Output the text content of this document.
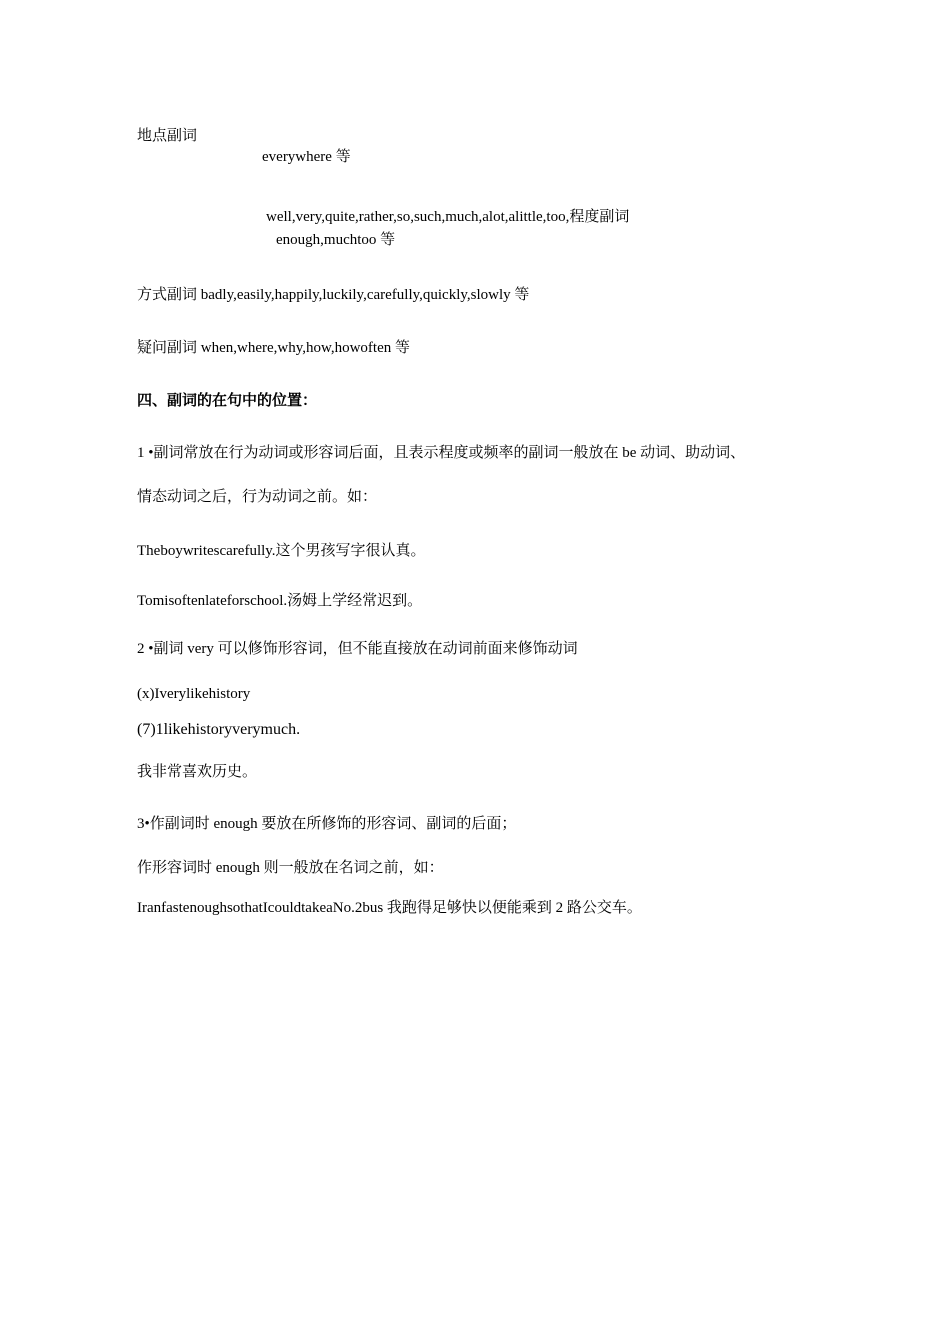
地点副词
everywhere 等
well,very,quite,rather,so,such,much,alot,alittle,too,程度副词
enough,muchtoo 等
方式副词 badly,easily,happily,luckily,carefully,quickly,slowly 等
疑问副词 when,where,why,how,howoften 等
四、副词的在句中的位置：
1 •副词常放在行为动词或形容词后面，且表示程度或频率的副词一般放在 be 动词、助动词、
情态动词之后，行为动词之前。如：
Theboywritescarefully.这个男孩写字很认真。
Tomisoftenlateforschool.汤姆上学经常迟到。
2 •副词 very 可以修饰形容词，但不能直接放在动词前面来修饰动词
(x)Iverylikehistory
(7)1likehistoryverymuch.
我非常喜欢历史。
3•作副词时 enough 要放在所修饰的形容词、副词的后面；
作形容词时 enough 则一般放在名词之前，如：
IranfastenoughsothatIcouldtakeaNo.2bus 我跑得足够快以便能乘到 2 路公交车。
